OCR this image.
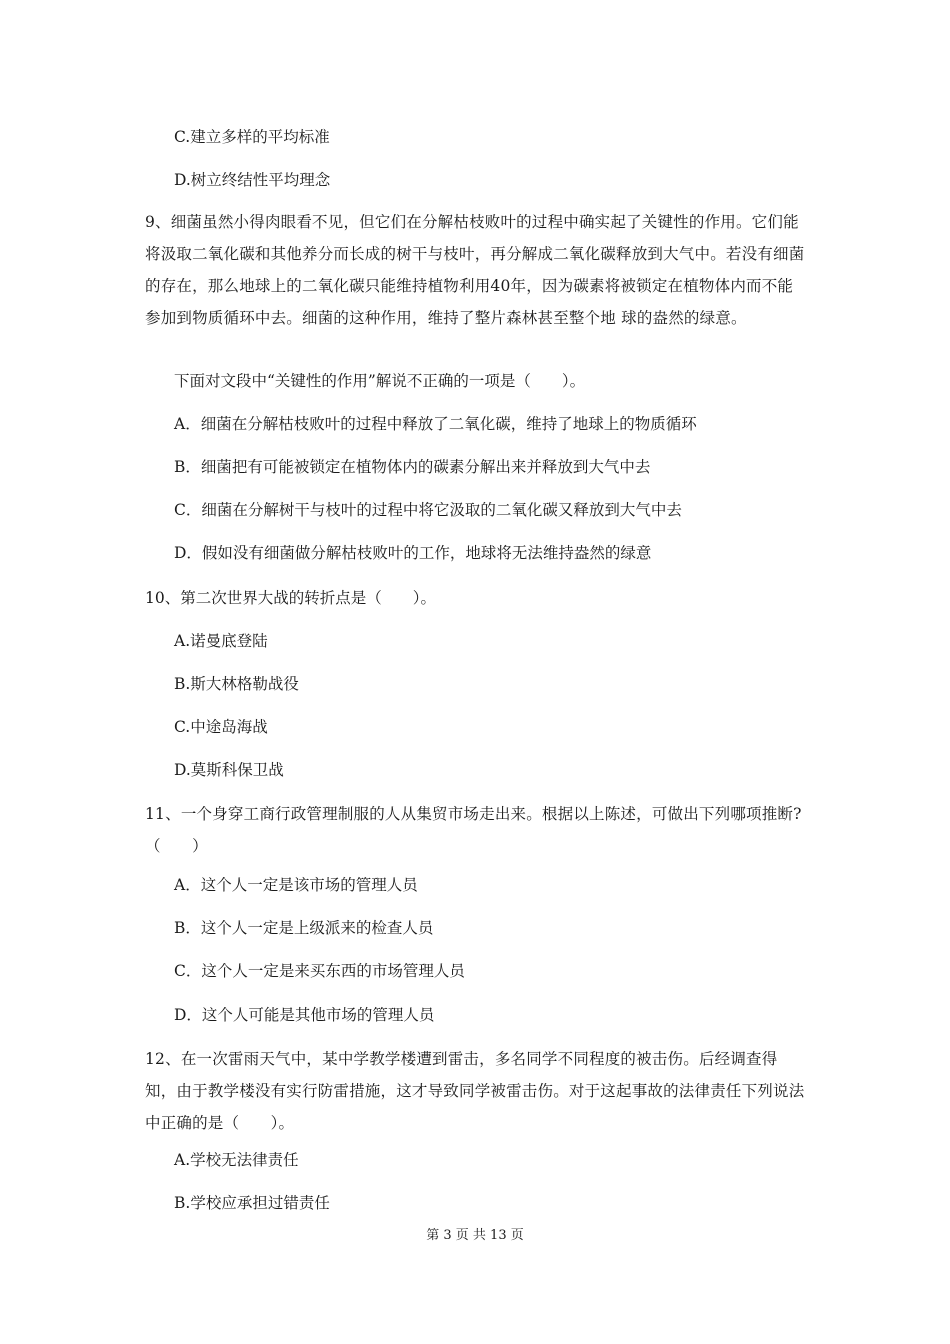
C.建立多样的平均标准
D.树立终结性平均理念
9、细菌虽然小得肉眼看不见，但它们在分解枯枝败叶的过程中确实起了关键性的作用。它们能将汲取二氧化碳和其他养分而长成的树干与枝叶，再分解成二氧化碳释放到大气中。若没有细菌的存在，那么地球上的二氧化碳只能维持植物利用40年，因为碳素将被锁定在植物体内而不能参加到物质循环中去。细菌的这种作用，维持了整片森林甚至整个地 球的盎然的绿意。
下面对文段中“关键性的作用”解说不正确的一项是（　　）。
A．细菌在分解枯枝败叶的过程中释放了二氧化碳，维持了地球上的物质循环
B．细菌把有可能被锁定在植物体内的碳素分解出来并释放到大气中去
C．细菌在分解树干与枝叶的过程中将它汲取的二氧化碳又释放到大气中去
D．假如没有细菌做分解枯枝败叶的工作，地球将无法维持盎然的绿意
10、第二次世界大战的转折点是（　　）。
A.诺曼底登陆
B.斯大林格勒战役
C.中途岛海战
D.莫斯科保卫战
11、一个身穿工商行政管理制服的人从集贸市场走出来。根据以上陈述，可做出下列哪项推断?（　　）
A．这个人一定是该市场的管理人员
B．这个人一定是上级派来的检查人员
C．这个人一定是来买东西的市场管理人员
D．这个人可能是其他市场的管理人员
12、在一次雷雨天气中，某中学教学楼遭到雷击，多名同学不同程度的被击伤。后经调查得知，由于教学楼没有实行防雷措施，这才导致同学被雷击伤。对于这起事故的法律责任下列说法中正确的是（　　）。
A.学校无法律责任
B.学校应承担过错责任
第 3 页 共 13 页
